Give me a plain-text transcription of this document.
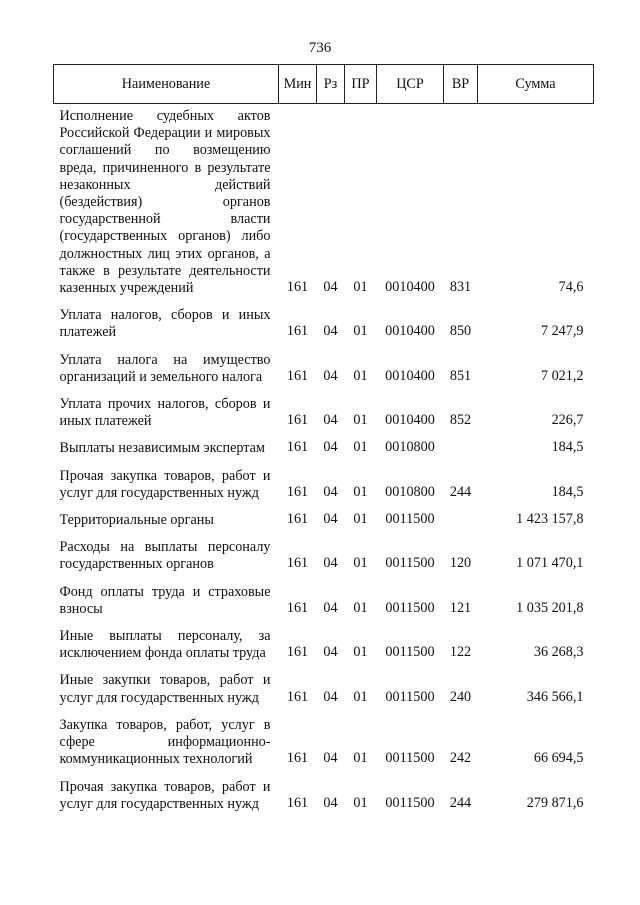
736
Наименование	Мин	Рз	ПР	ЦСР	ВР	Сумма
Исполнение судебных актов Российской Федерации и мировых соглашений по возмещению вреда, причиненного в результате незаконных действий (бездействия) органов государственной власти (государственных органов) либо должностных лиц этих органов, а также в результате деятельности казенных учреждений	161	04	01	0010400	831	74,6
Уплата налогов, сборов и иных платежей	161	04	01	0010400	850	7 247,9
Уплата налога на имущество организаций и земельного налога	161	04	01	0010400	851	7 021,2
Уплата прочих налогов, сборов и иных платежей	161	04	01	0010400	852	226,7
Выплаты независимым экспертам	161	04	01	0010800		184,5
Прочая закупка товаров, работ и услуг для государственных нужд	161	04	01	0010800	244	184,5
Территориальные органы	161	04	01	0011500		1 423 157,8
Расходы на выплаты персоналу государственных органов	161	04	01	0011500	120	1 071 470,1
Фонд оплаты труда и страховые взносы	161	04	01	0011500	121	1 035 201,8
Иные выплаты персоналу, за исключением фонда оплаты труда	161	04	01	0011500	122	36 268,3
Иные закупки товаров, работ и услуг для государственных нужд	161	04	01	0011500	240	346 566,1
Закупка товаров, работ, услуг в сфере информационно-коммуникационных технологий	161	04	01	0011500	242	66 694,5
Прочая закупка товаров, работ и услуг для государственных нужд	161	04	01	0011500	244	279 871,6
